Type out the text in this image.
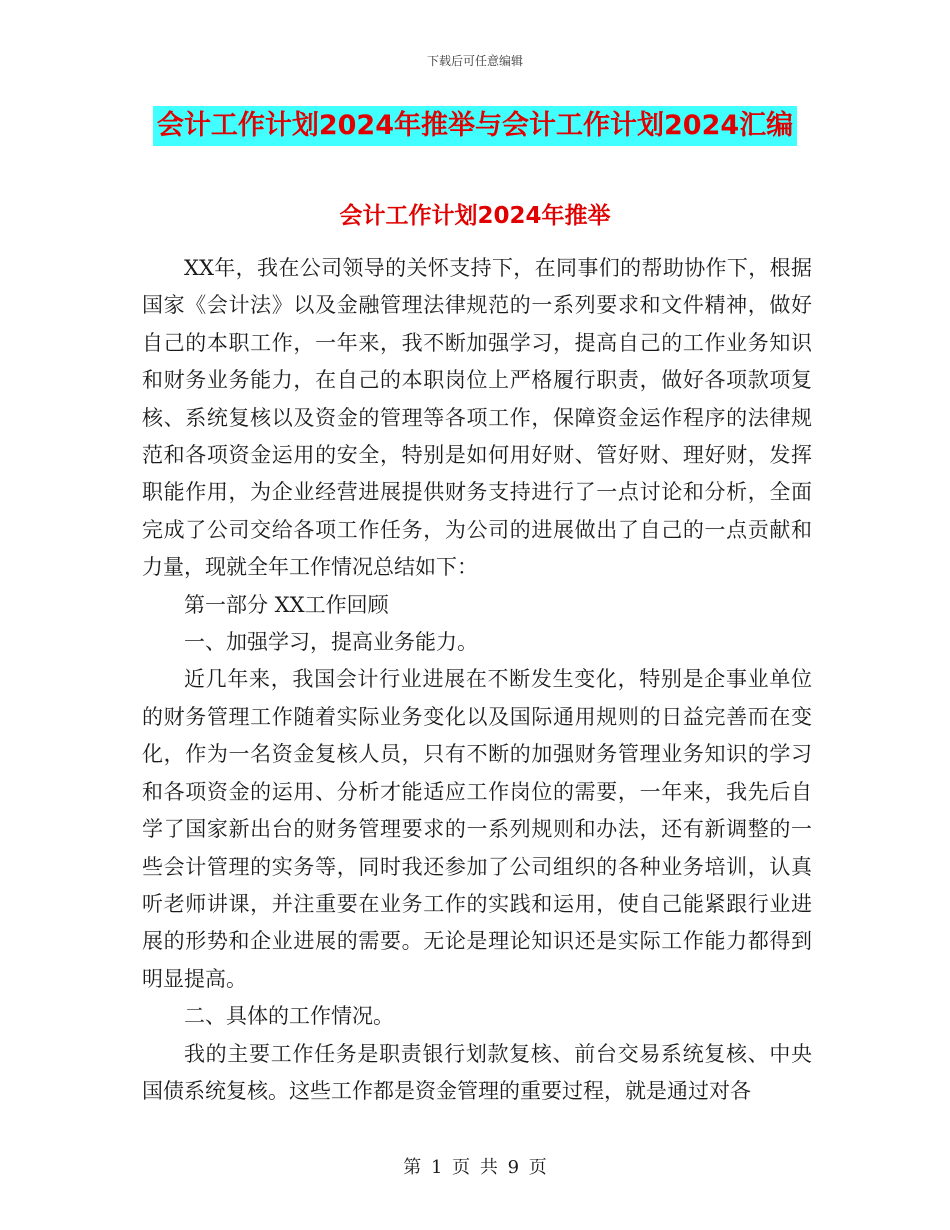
下载后可任意编辑
会计工作计划2024年推举与会计工作计划2024汇编
会计工作计划2024年推举

XX年，我在公司领导的关怀支持下，在同事们的帮助协作下，根据国家《会计法》以及金融管理法律规范的一系列要求和文件精神，做好自己的本职工作，一年来，我不断加强学习，提高自己的工作业务知识和财务业务能力，在自己的本职岗位上严格履行职责，做好各项款项复核、系统复核以及资金的管理等各项工作，保障资金运作程序的法律规范和各项资金运用的安全，特别是如何用好财、管好财、理好财，发挥职能作用，为企业经营进展提供财务支持进行了一点讨论和分析，全面完成了公司交给各项工作任务，为公司的进展做出了自己的一点贡献和力量，现就全年工作情况总结如下：

第一部分 XX工作回顾

一、加强学习，提高业务能力。

近几年来，我国会计行业进展在不断发生变化，特别是企事业单位的财务管理工作随着实际业务变化以及国际通用规则的日益完善而在变化，作为一名资金复核人员，只有不断的加强财务管理业务知识的学习和各项资金的运用、分析才能适应工作岗位的需要，一年来，我先后自学了国家新出台的财务管理要求的一系列规则和办法，还有新调整的一些会计管理的实务等，同时我还参加了公司组织的各种业务培训，认真听老师讲课，并注重要在业务工作的实践和运用，使自己能紧跟行业进展的形势和企业进展的需要。无论是理论知识还是实际工作能力都得到明显提高。

二、具体的工作情况。

我的主要工作任务是职责银行划款复核、前台交易系统复核、中央国债系统复核。这些工作都是资金管理的重要过程，就是通过对各

第 1 页 共 9 页
